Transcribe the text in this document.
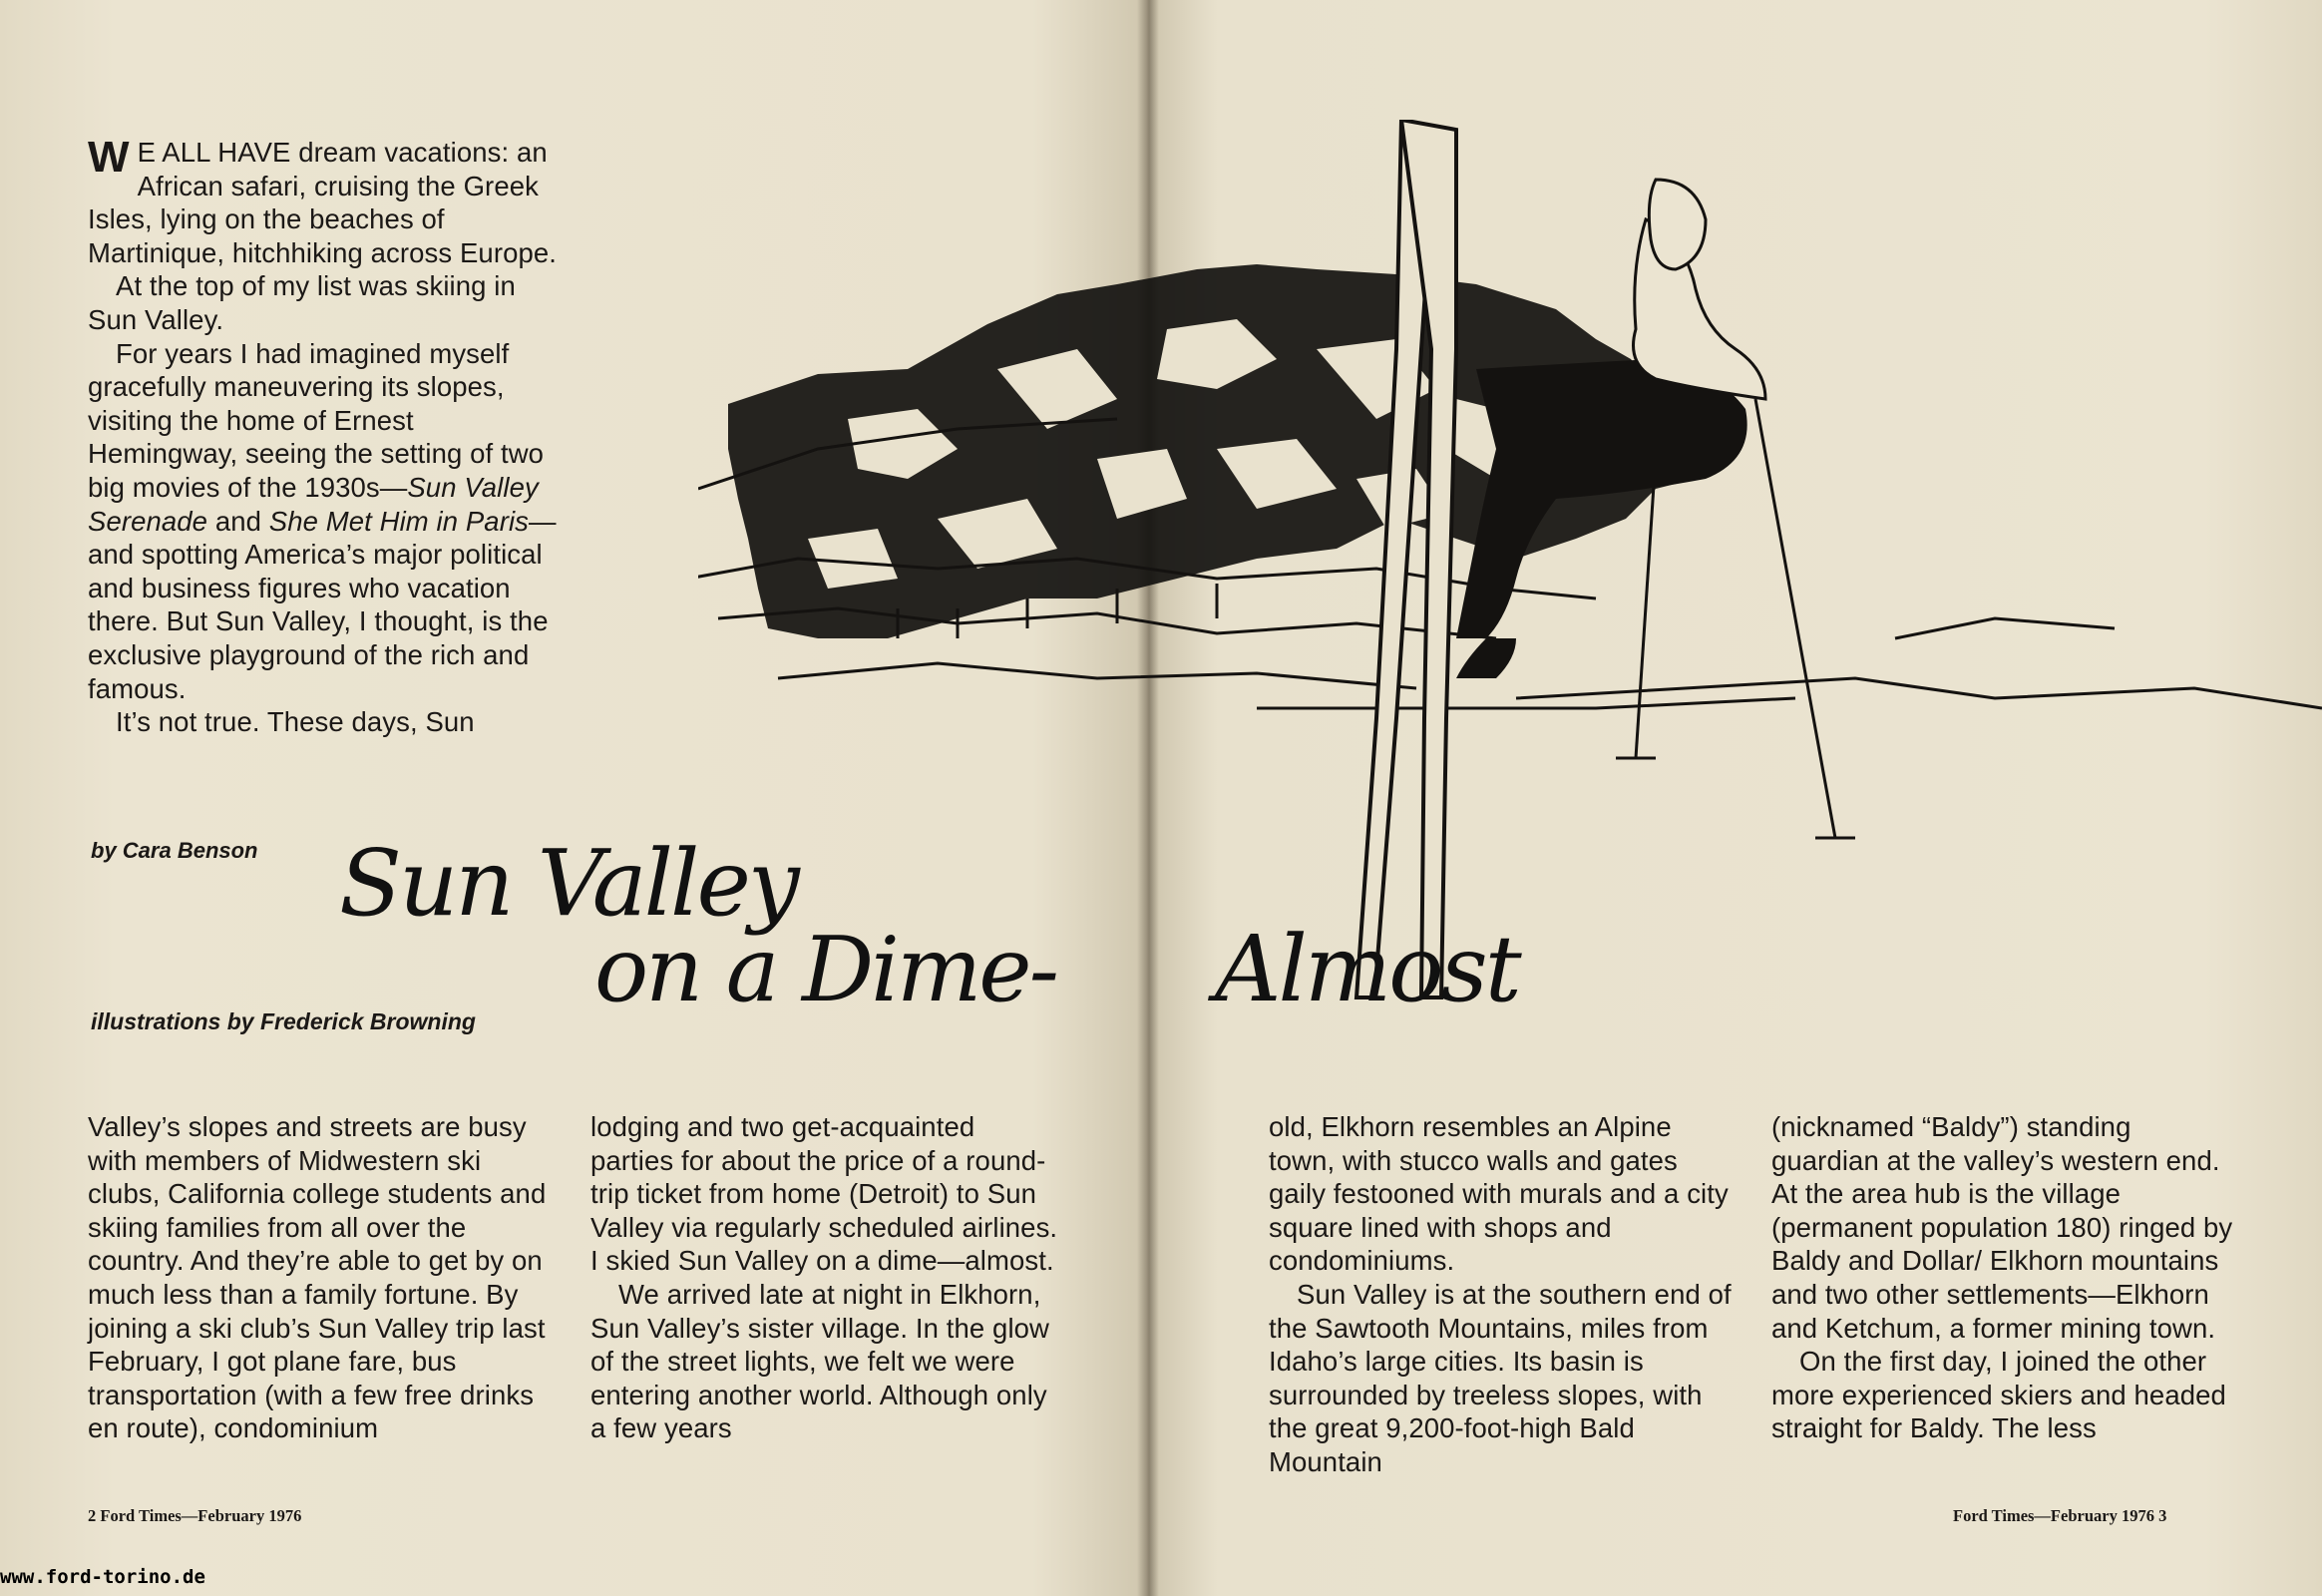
W E ALL HAVE dream vacations: an African safari, cruising the Greek Isles, lying on the beaches of Martinique, hitchhiking across Europe.

At the top of my list was skiing in Sun Valley.

For years I had imagined myself gracefully maneuvering its slopes, visiting the home of Ernest Hemingway, seeing the setting of two big movies of the 1930s—Sun Valley Serenade and She Met Him in Paris—and spotting America’s major political and business figures who vacation there. But Sun Valley, I thought, is the exclusive playground of the rich and famous.

It’s not true. These days, Sun

by Cara Benson
illustrations by Frederick Browning
Sun Valley
on a Dime- Almost

Valley’s slopes and streets are busy with members of Midwestern ski clubs, California college students and skiing families from all over the country. And they’re able to get by on much less than a family fortune. By joining a ski club’s Sun Valley trip last February, I got plane fare, bus transportation (with a few free drinks en route), condominium

lodging and two get-acquainted parties for about the price of a round-trip ticket from home (Detroit) to Sun Valley via regularly scheduled airlines. I skied Sun Valley on a dime—almost.

We arrived late at night in Elkhorn, Sun Valley’s sister village. In the glow of the street lights, we felt we were entering another world. Although only a few years

old, Elkhorn resembles an Alpine town, with stucco walls and gates gaily festooned with murals and a city square lined with shops and condominiums.

Sun Valley is at the southern end of the Sawtooth Mountains, miles from Idaho’s large cities. Its basin is surrounded by treeless slopes, with the great 9,200-foot-high Bald Mountain

(nicknamed “Baldy”) standing guardian at the valley’s western end. At the area hub is the village (permanent population 180) ringed by Baldy and Dollar/ Elkhorn mountains and two other settlements—Elkhorn and Ketchum, a former mining town.

On the first day, I joined the other more experienced skiers and headed straight for Baldy. The less

2 Ford Times—February 1976	Ford Times—February 1976 3
www.ford-torino.de
